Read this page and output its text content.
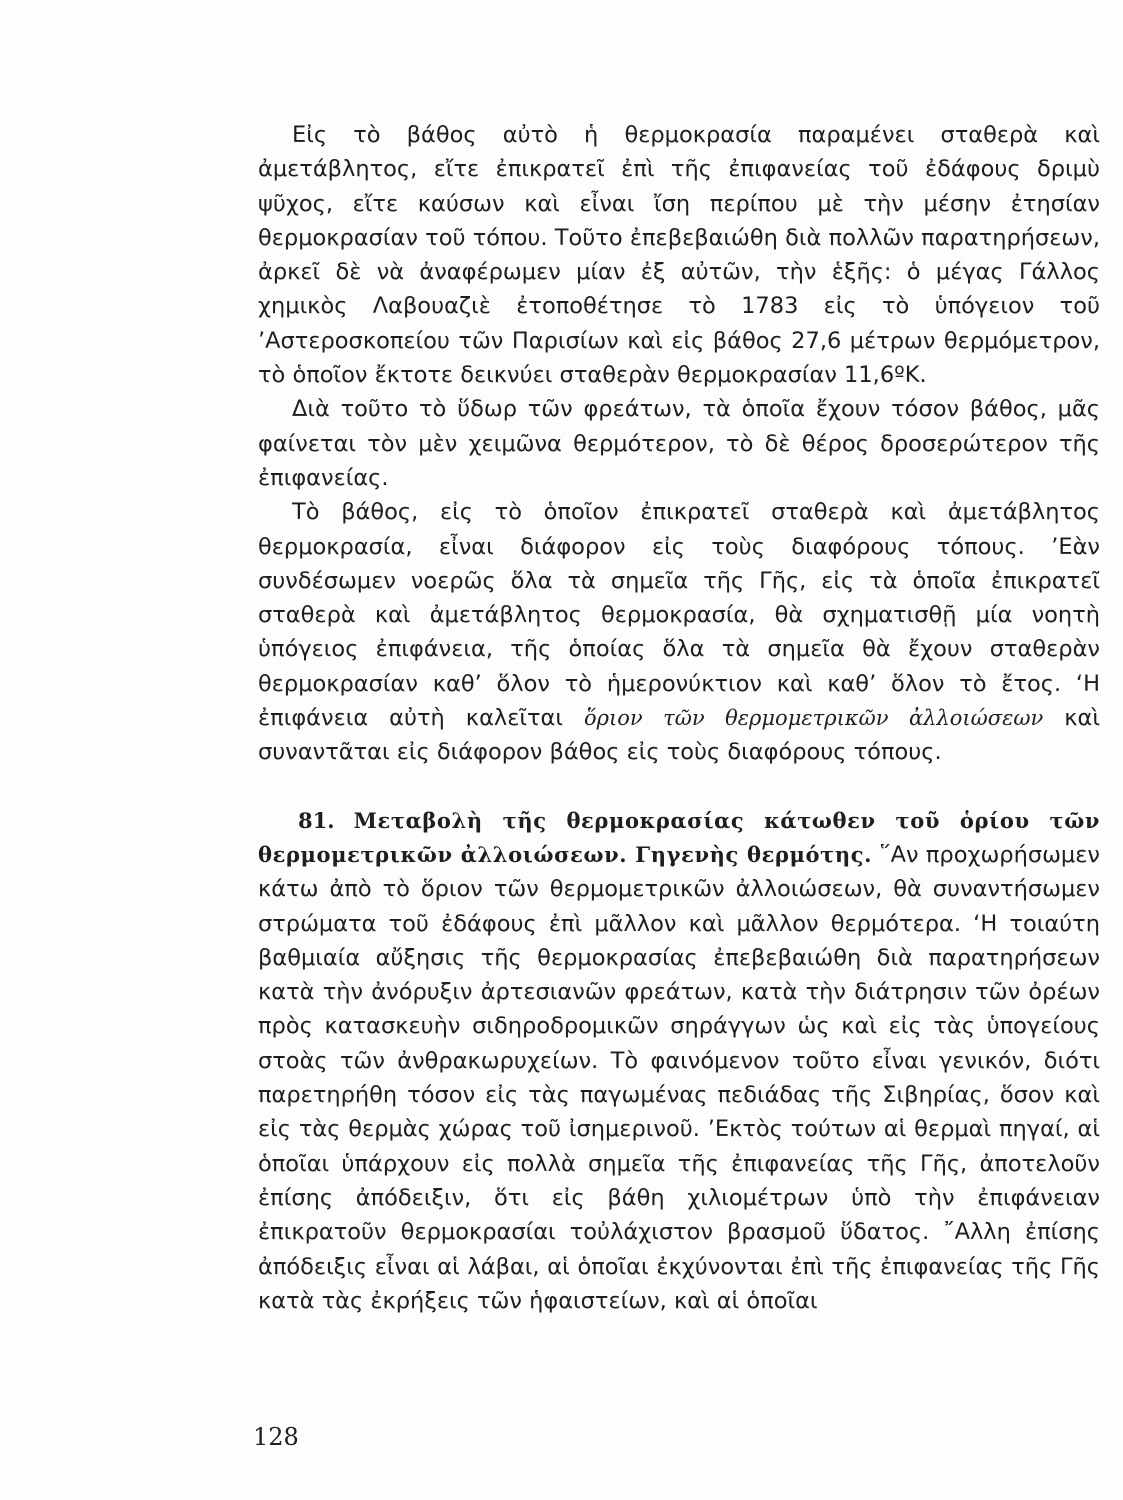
Εἰς τὸ βάθος αὐτὸ ἡ θερμοκρασία παραμένει σταθερὰ καὶ ἀμετάβλητος, εἴτε ἐπικρατεῖ ἐπὶ τῆς ἐπιφανείας τοῦ ἐδάφους δριμὺ ψῦχος, εἴτε καύσων καὶ εἶναι ἴση περίπου μὲ τὴν μέσην ἐτησίαν θερμοκρασίαν τοῦ τόπου. Τοῦτο ἐπεβεβαιώθη διὰ πολλῶν παρατηρήσεων, ἀρκεῖ δὲ νὰ ἀναφέρωμεν μίαν ἐξ αὐτῶν, τὴν ἑξῆς: ὁ μέγας Γάλλος χημικὸς Λαβουαζιὲ ἐτοποθέτησε τὸ 1783 εἰς τὸ ὑπόγειον τοῦ ’Αστεροσκοπείου τῶν Παρισίων καὶ εἰς βάθος 27,6 μέτρων θερμόμετρον, τὸ ὁποῖον ἔκτοτε δεικνύει σταθερὰν θερμοκρασίαν 11,6ºΚ.

Διὰ τοῦτο τὸ ὕδωρ τῶν φρεάτων, τὰ ὁποῖα ἔχουν τόσον βάθος, μᾶς φαίνεται τὸν μὲν χειμῶνα θερμότερον, τὸ δὲ θέρος δροσερώτερον τῆς ἐπιφανείας.

Τὸ βάθος, εἰς τὸ ὁποῖον ἐπικρατεῖ σταθερὰ καὶ ἀμετάβλητος θερμοκρασία, εἶναι διάφορον εἰς τοὺς διαφόρους τόπους. ’Εὰν συνδέσωμεν νοερῶς ὅλα τὰ σημεῖα τῆς Γῆς, εἰς τὰ ὁποῖα ἐπικρατεῖ σταθερὰ καὶ ἀμετάβλητος θερμοκρασία, θὰ σχηματισθῇ μία νοητὴ ὑπόγειος ἐπιφάνεια, τῆς ὁποίας ὅλα τὰ σημεῖα θὰ ἔχουν σταθερὰν θερμοκρασίαν καθ’ ὅλον τὸ ἡμερονύκτιον καὶ καθ’ ὅλον τὸ ἔτος. ‘Η ἐπιφάνεια αὐτὴ καλεῖται ὅριον τῶν θερμομετρικῶν ἀλλοιώσεων καὶ συναντᾶται εἰς διάφορον βάθος εἰς τοὺς διαφόρους τόπους.

81. Μεταβολὴ τῆς θερμοκρασίας κάτωθεν τοῦ ὁρίου τῶν θερμομετρικῶν ἀλλοιώσεων. Γηγενὴς θερμότης. ῞Αν προχωρήσωμεν κάτω ἀπὸ τὸ ὅριον τῶν θερμομετρικῶν ἀλλοιώσεων, θὰ συναντήσωμεν στρώματα τοῦ ἐδάφους ἐπὶ μᾶλλον καὶ μᾶλλον θερμότερα. ‘Η τοιαύτη βαθμιαία αὔξησις τῆς θερμοκρασίας ἐπεβεβαιώθη διὰ παρατηρήσεων κατὰ τὴν ἀνόρυξιν ἀρτεσιανῶν φρεάτων, κατὰ τὴν διάτρησιν τῶν ὀρέων πρὸς κατασκευὴν σιδηροδρομικῶν σηράγγων ὡς καὶ εἰς τὰς ὑπογείους στοὰς τῶν ἀνθρακωρυχείων. Τὸ φαινόμενον τοῦτο εἶναι γενικόν, διότι παρετηρήθη τόσον εἰς τὰς παγωμένας πεδιάδας τῆς Σιβηρίας, ὅσον καὶ εἰς τὰς θερμὰς χώρας τοῦ ἰσημερινοῦ. ’Εκτὸς τούτων αἱ θερμαὶ πηγαί, αἱ ὁποῖαι ὑπάρχουν εἰς πολλὰ σημεῖα τῆς ἐπιφανείας τῆς Γῆς, ἀποτελοῦν ἐπίσης ἀπόδειξιν, ὅτι εἰς βάθη χιλιομέτρων ὑπὸ τὴν ἐπιφάνειαν ἐπικρατοῦν θερμοκρασίαι τοὐλάχιστον βρασμοῦ ὕδατος. ῎Αλλη ἐπίσης ἀπόδειξις εἶναι αἱ λάβαι, αἱ ὁποῖαι ἐκχύνονται ἐπὶ τῆς ἐπιφανείας τῆς Γῆς κατὰ τὰς ἐκρήξεις τῶν ἡφαιστείων, καὶ αἱ ὁποῖαι

128
